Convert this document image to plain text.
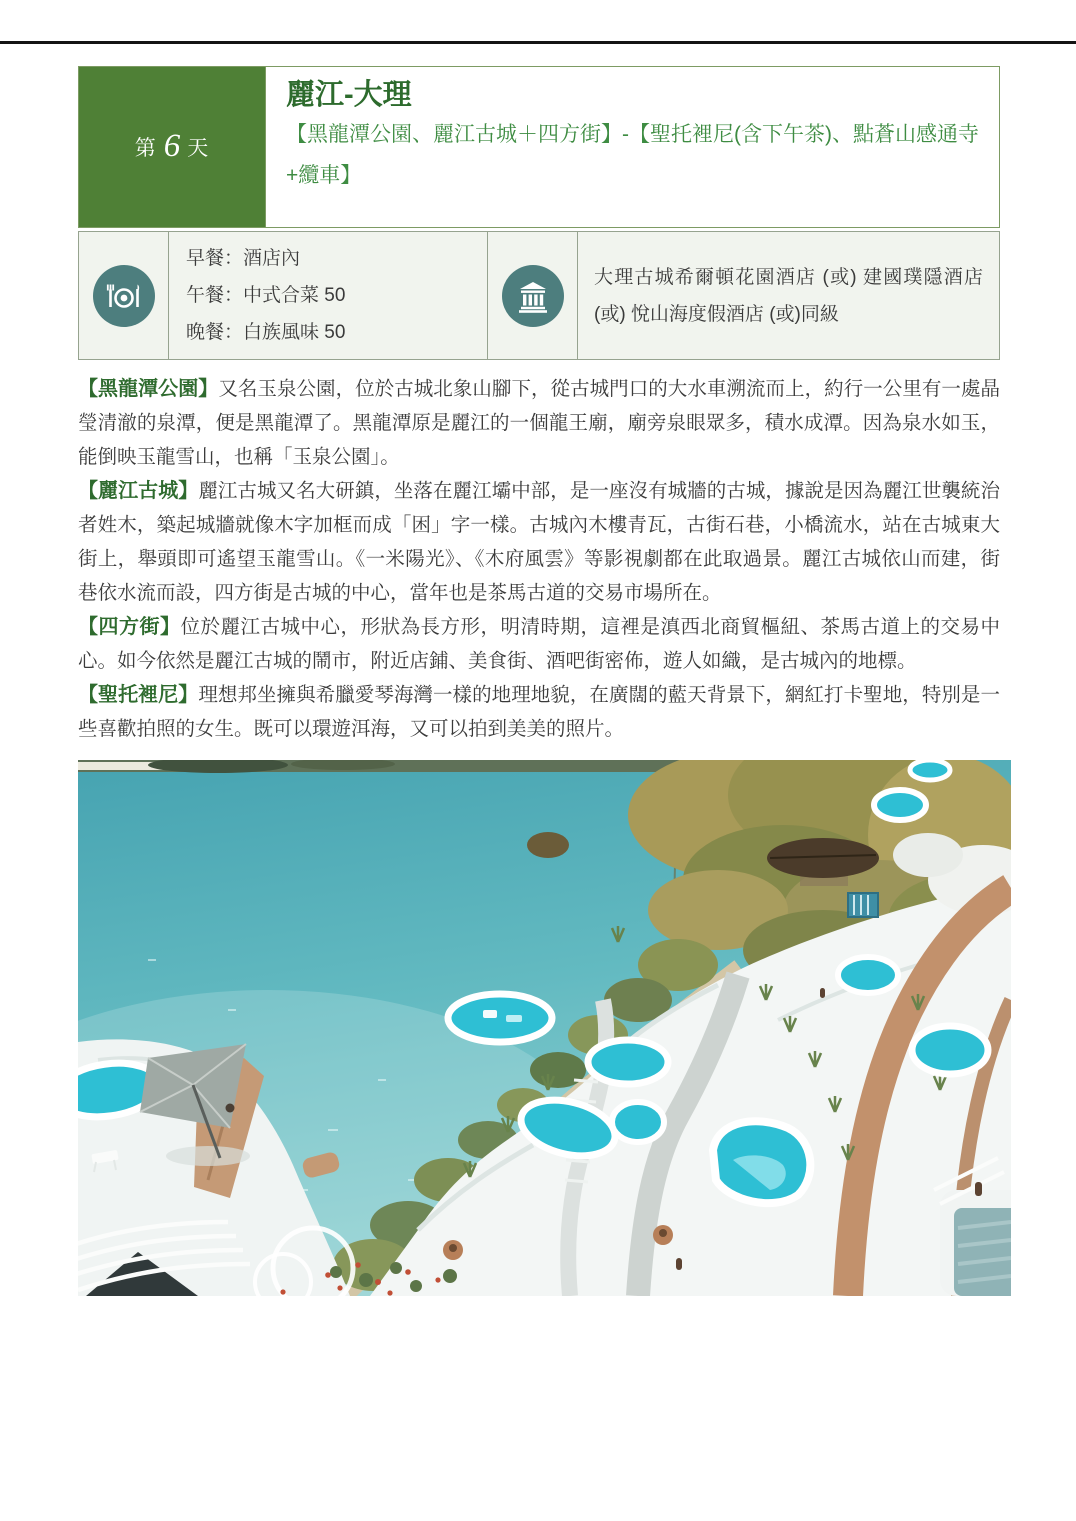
第 6 天
麗江-大理
【黑龍潭公園、麗江古城＋四方街】-【聖托裡尼(含下午茶)、點蒼山感通寺+纜車】
早餐：酒店內
午餐：中式合菜 50
晚餐：白族風味 50
大理古城希爾頓花園酒店 (或) 建國璞隱酒店 (或) 悅山海度假酒店 (或)同級

【黑龍潭公園】又名玉泉公園，位於古城北象山腳下，從古城門口的大水車溯流而上，約行一公里有一處晶瑩清澈的泉潭，便是黑龍潭了。黑龍潭原是麗江的一個龍王廟，廟旁泉眼眾多，積水成潭。因為泉水如玉，能倒映玉龍雪山，也稱「玉泉公園」。

【麗江古城】麗江古城又名大研鎮，坐落在麗江壩中部，是一座沒有城牆的古城，據說是因為麗江世襲統治者姓木，築起城牆就像木字加框而成「困」字一樣。古城內木樓青瓦，古街石巷，小橋流水，站在古城東大街上，舉頭即可遙望玉龍雪山。《一米陽光》、《木府風雲》等影視劇都在此取過景。麗江古城依山而建，街巷依水流而設，四方街是古城的中心，當年也是茶馬古道的交易市場所在。

【四方街】位於麗江古城中心，形狀為長方形，明清時期，這裡是滇西北商貿樞紐、茶馬古道上的交易中心。如今依然是麗江古城的鬧市，附近店鋪、美食街、酒吧街密佈，遊人如織，是古城內的地標。

【聖托裡尼】理想邦坐擁與希臘愛琴海灣一樣的地理地貌，在廣闊的藍天背景下，網紅打卡聖地，特別是一些喜歡拍照的女生。既可以環遊洱海，又可以拍到美美的照片。
